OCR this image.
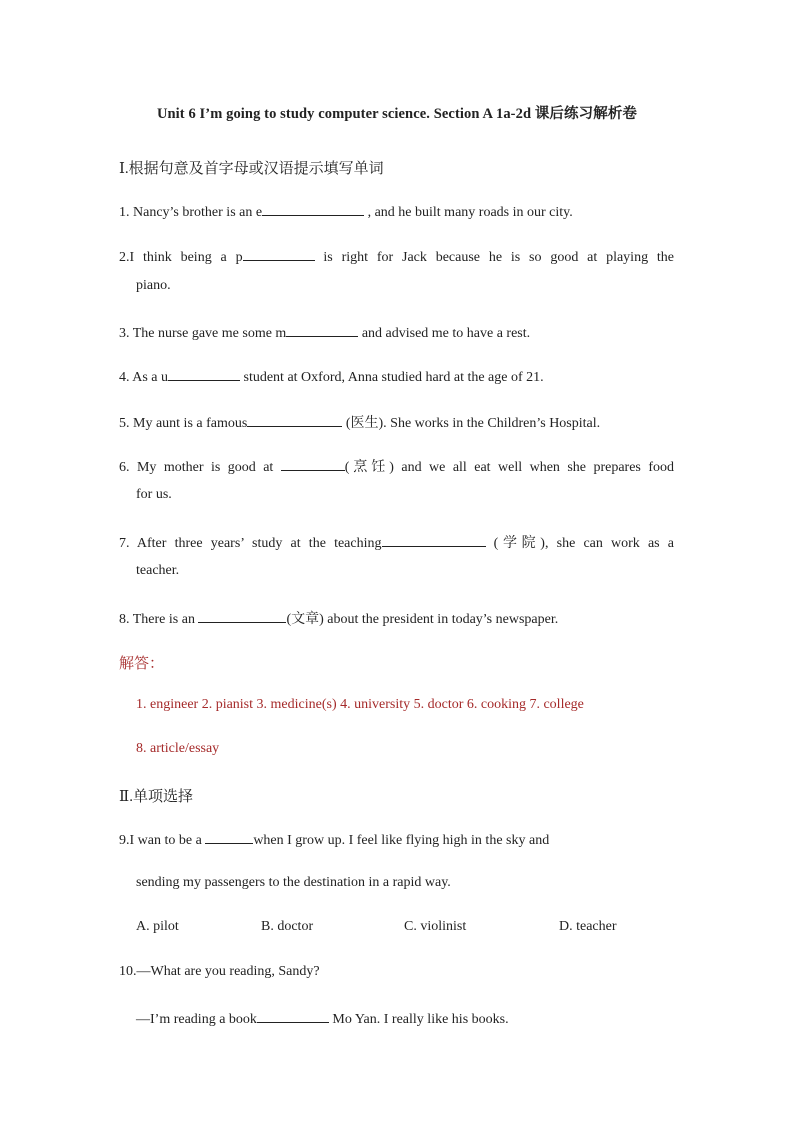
Unit 6 I’m going to study computer science. Section A 1a-2d 课后练习解析卷
Ⅰ.根据句意及首字母或汉语提示填写单词
1. Nancy’s brother is an e	, and he built many roads in our city.
2.I think being a p	is right for Jack because he is so good at playing the
piano.
3. The nurse gave me some m	and advised me to have a rest.
4. As a u	student at Oxford, Anna studied hard at the age of 21.
5. My aunt is a famous	(医生). She works in the Children’s Hospital.
6. My mother is good at	(烹饪) and we all eat well when she prepares food
for us.
7. After three years’ study at the teaching	(学院), she can work as a
teacher.
8. There is an	(文章) about the president in today’s newspaper.
解答：
1. engineer 2. pianist 3. medicine(s) 4. university 5. doctor 6. cooking 7. college
8. article/essay
Ⅱ.单项选择
9.I wan to be a	when I grow up. I feel like flying high in the sky and
sending my passengers to the destination in a rapid way.
A. pilot	B. doctor	C. violinist	D. teacher
10.—What are you reading, Sandy?
—I’m reading a book	Mo Yan. I really like his books.
